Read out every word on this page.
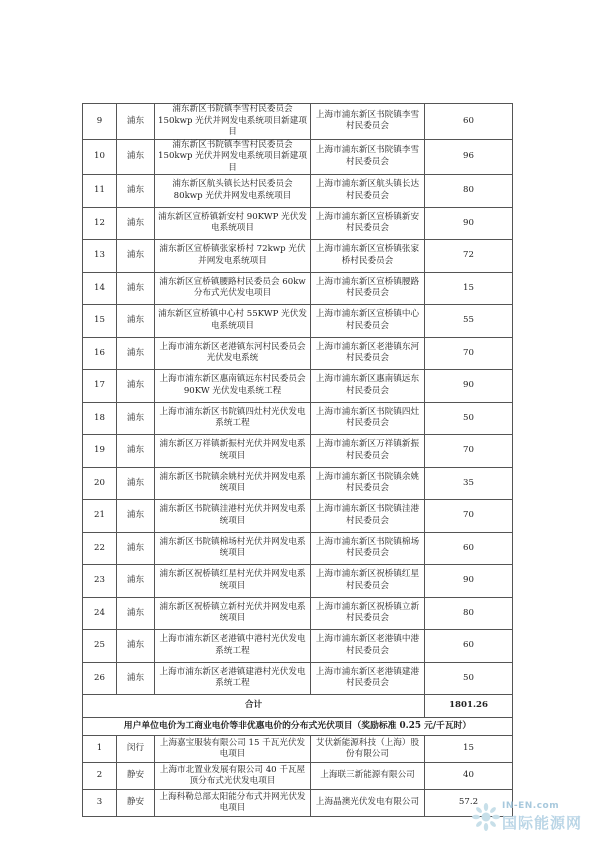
9	浦东	浦东新区书院镇李雪村民委员会 150kwp 光伏并网发电系统项目新建项目	上海市浦东新区书院镇李雪村民委员会	60
10	浦东	浦东新区书院镇李雪村民委员会 150kwp 光伏并网发电系统项目新建项目	上海市浦东新区书院镇李雪村民委员会	96
11	浦东	浦东新区航头镇长达村民委员会 80kwp 光伏并网发电系统项目	上海市浦东新区航头镇长达村民委员会	80
12	浦东	浦东新区宣桥镇新安村 90KWP 光伏发电系统项目	上海市浦东新区宣桥镇新安村民委员会	90
13	浦东	浦东新区宣桥镇张家桥村 72kwp 光伏并网发电系统项目	上海市浦东新区宣桥镇张家桥村民委员会	72
14	浦东	浦东新区宣桥镇腰路村民委员会 60kw 分布式光伏发电项目	上海市浦东新区宣桥镇腰路村民委员会	15
15	浦东	浦东新区宣桥镇中心村 55KWP 光伏发电系统项目	上海市浦东新区宣桥镇中心村民委员会	55
16	浦东	上海市浦东新区老港镇东河村民委员会光伏发电系统	上海市浦东新区老港镇东河村民委员会	70
17	浦东	上海市浦东新区惠南镇远东村民委员会 90KW 光伏发电系统工程	上海市浦东新区惠南镇远东村民委员会	90
18	浦东	上海市浦东新区书院镇四灶村光伏发电系统工程	上海市浦东新区书院镇四灶村民委员会	50
19	浦东	浦东新区万祥镇新振村光伏并网发电系统项目	上海市浦东新区万祥镇新振村民委员会	70
20	浦东	浦东新区书院镇余姚村光伏并网发电系统项目	上海市浦东新区书院镇余姚村民委员会	35
21	浦东	浦东新区书院镇洼港村光伏并网发电系统项目	上海市浦东新区书院镇洼港村民委员会	70
22	浦东	浦东新区书院镇棉场村光伏并网发电系统项目	上海市浦东新区书院镇棉场村民委员会	60
23	浦东	浦东新区祝桥镇红星村光伏并网发电系统项目	上海市浦东新区祝桥镇红星村民委员会	90
24	浦东	浦东新区祝桥镇立新村光伏并网发电系统项目	上海市浦东新区祝桥镇立新村民委员会	80
25	浦东	上海市浦东新区老港镇中港村光伏发电系统工程	上海市浦东新区老港镇中港村民委员会	60
26	浦东	上海市浦东新区老港镇建港村光伏发电系统工程	上海市浦东新区老港镇建港村民委员会	50
合计				1801.26
用户单位电价为工商业电价等非优惠电价的分布式光伏项目（奖励标准 0.25 元/千瓦时）				
1	闵行	上海嘉宝服装有限公司 15 千瓦光伏发电项目	艾伏新能源科技（上海）股份有限公司	15
2	静安	上海市北置业发展有限公司 40 千瓦屋顶分布式光伏发电项目	上海联三新能源有限公司	40
3	静安	上海科勒总部太阳能分布式并网光伏发电项目	上海晶澳光伏发电有限公司	57.2	IN-EN.com
国际能源网
